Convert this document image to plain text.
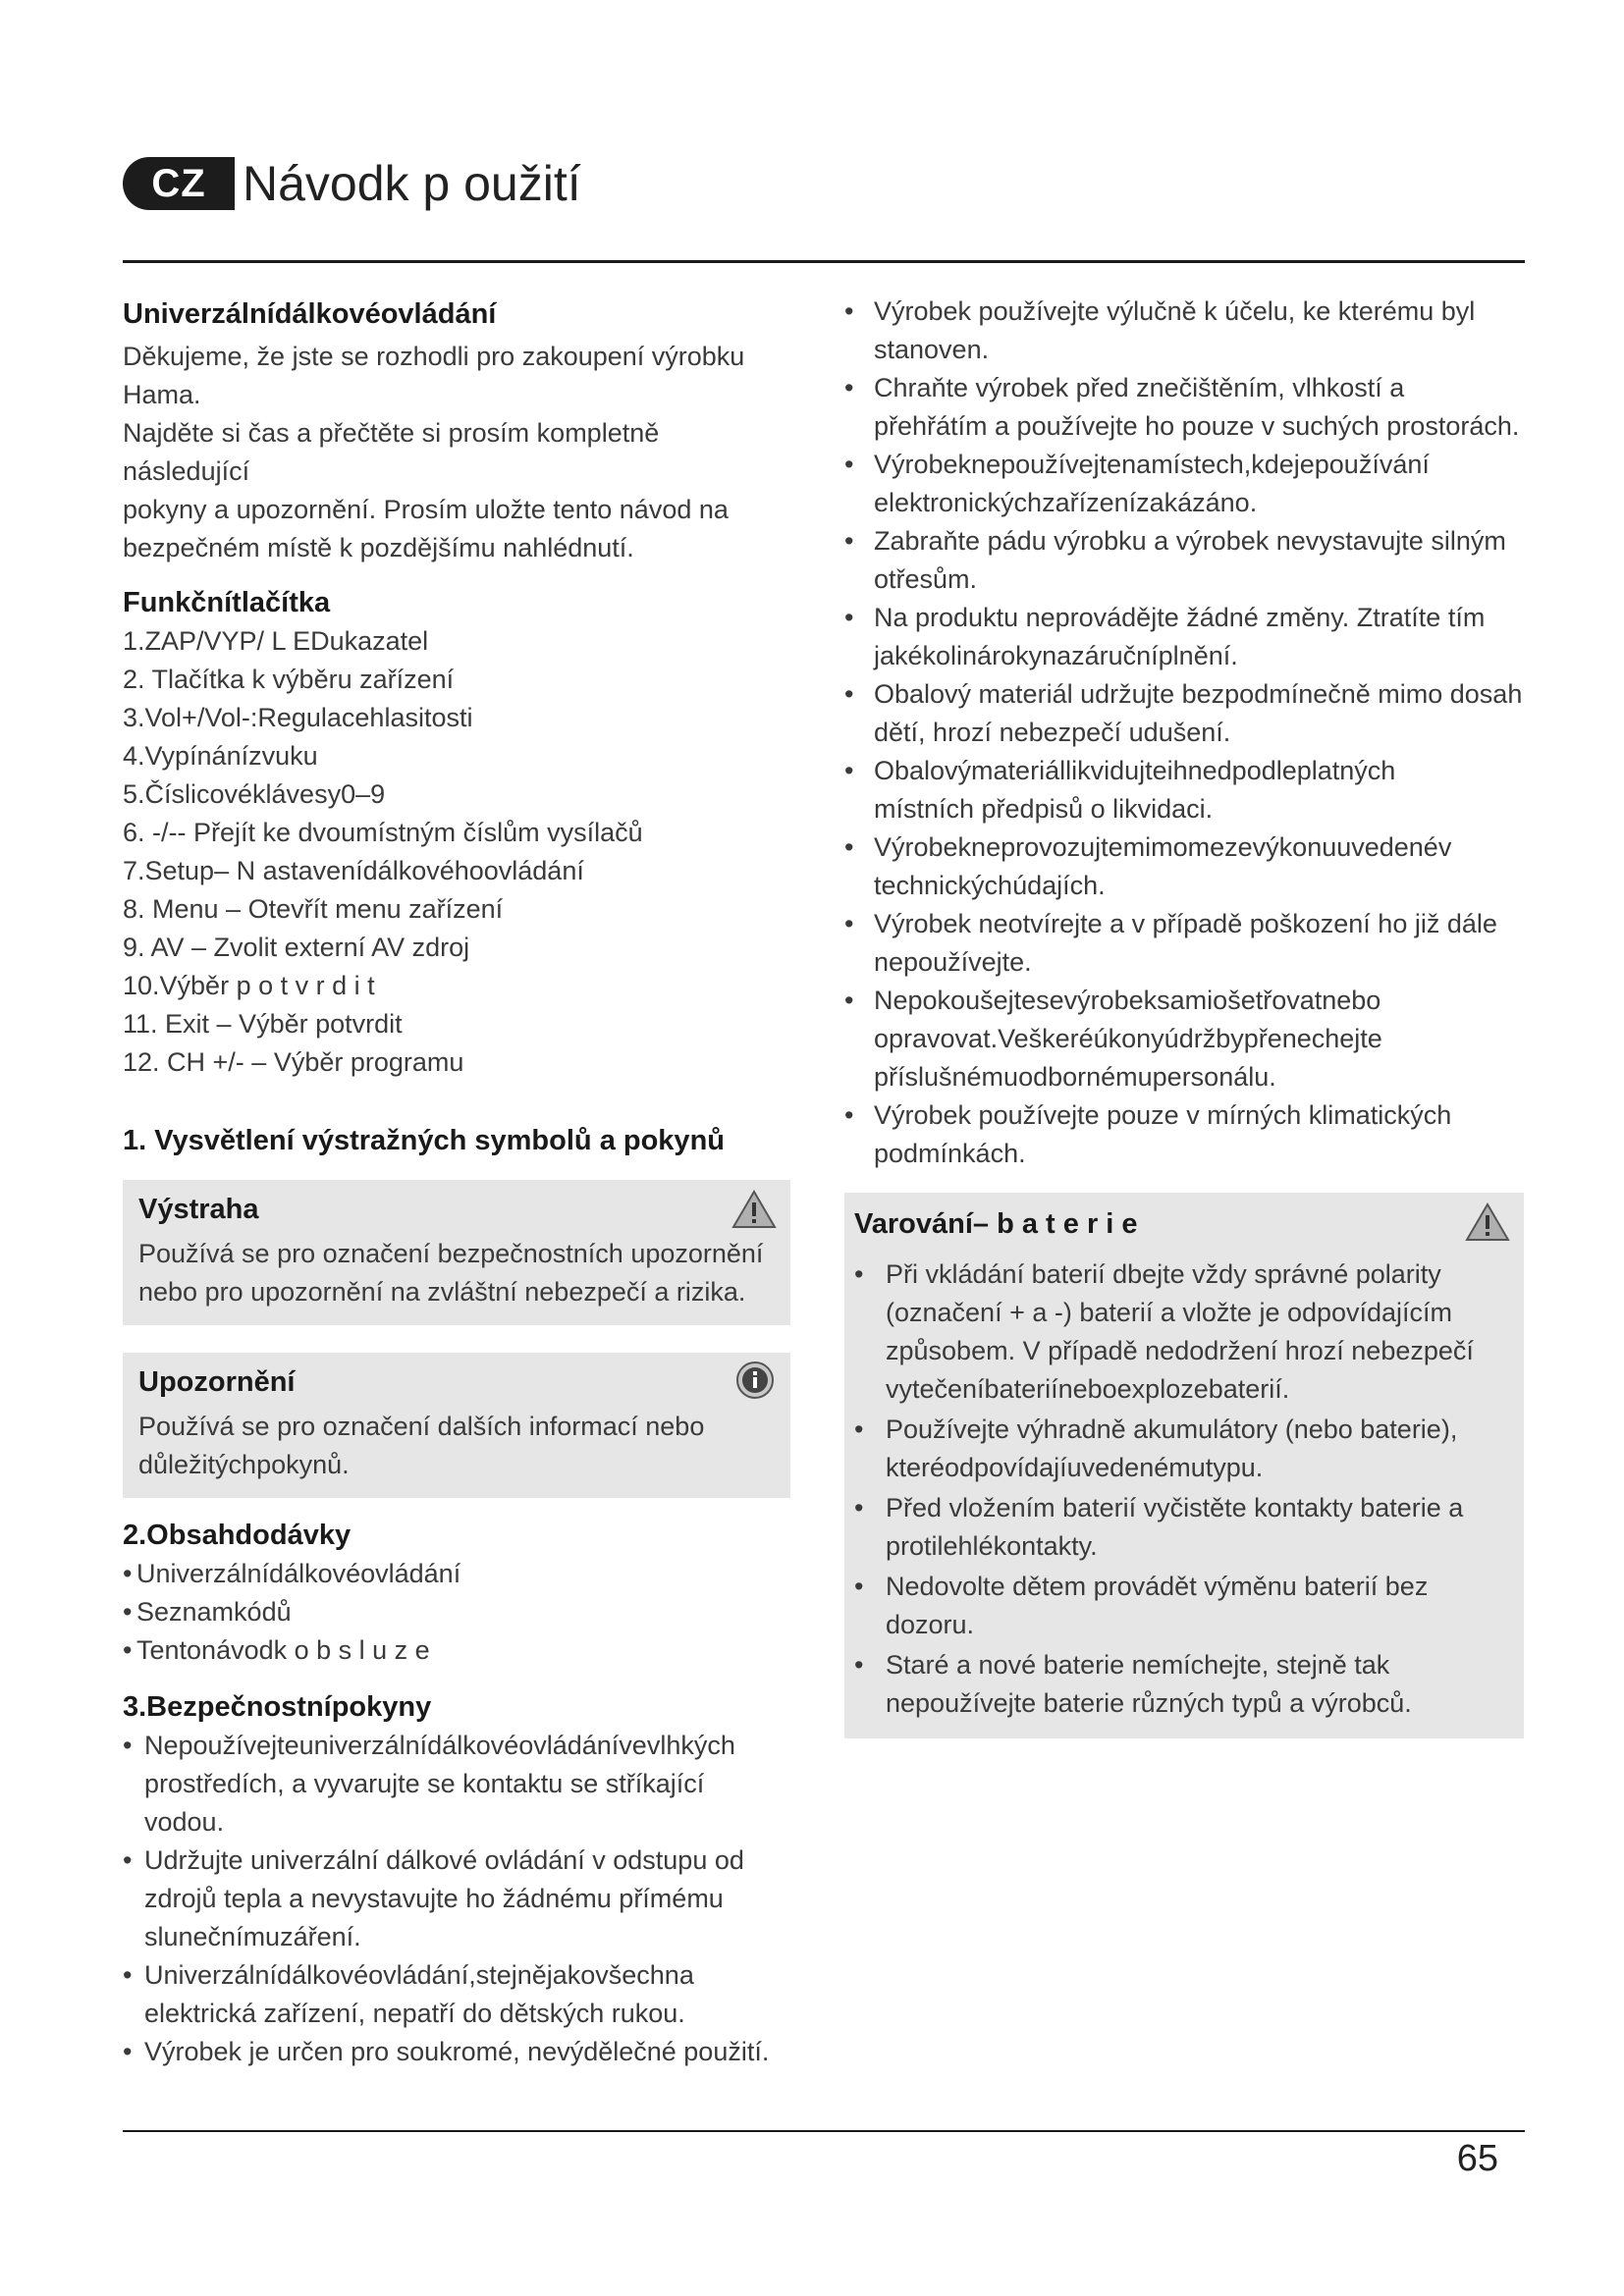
CZ Návodk p oužití
Univerzálnídálkovéovládání

Děkujeme, že jste se rozhodli pro zakoupení výrobku

Hama.

Najděte si čas a přečtěte si prosím kompletně následující

pokyny a upozornění. Prosím uložte tento návod na

bezpečném místě k pozdějšímu nahlédnutí.

Funkčnítlačítka
1.ZAP/VYP/ L EDukazatel
2. Tlačítka k výběru zařízení
3.Vol+/Vol-:Regulacehlasitosti
4.Vypínánízvuku
5.Číslicovéklávesy0–9
6. -/-- Přejít ke dvoumístným číslům vysílačů
7.Setup– N astavenídálkovéhoovládání
8. Menu – Otevřít menu zařízení
9. AV – Zvolit externí AV zdroj
10.Výběr p o t v r d i t
11. Exit – Výběr potvrdit
12. CH +/- – Výběr programu
1. Vysvětlení výstražných symbolů a pokynů
Výstraha

Používá se pro označení bezpečnostních upozornění
nebo pro upozornění na zvláštní nebezpečí a rizika.

Upozornění

Používá se pro označení dalších informací nebo
důležitýchpokynů.

2.Obsahdodávky
• Univerzálnídálkovéovládání
• Seznamkódů
• Tentonávodk o b s l u z e
3.Bezpečnostnípokyny
• Nepoužívejteuniverzálnídálkovéovládánívevlhkých
prostředích, a vyvarujte se kontaktu se stříkající vodou.
• Udržujte univerzální dálkové ovládání v odstupu od
zdrojů tepla a nevystavujte ho žádnému přímému
slunečnímuzáření.
• Univerzálnídálkovéovládání,stejnějakovšechna
elektrická zařízení, nepatří do dětských rukou.
• Výrobek je určen pro soukromé, nevýdělečné použití.
• Výrobek používejte výlučně k účelu, ke kterému byl
stanoven.
• Chraňte výrobek před znečištěním, vlhkostí a
přehřátím a používejte ho pouze v suchých prostorách.
• Výrobeknepoužívejtenamístech,kdejepoužívání
elektronickýchzařízenízakázáno.
• Zabraňte pádu výrobku a výrobek nevystavujte silným
otřesům.
• Na produktu neprovádějte žádné změny. Ztratíte tím
jakékolinárokynazáručníplnění.
• Obalový materiál udržujte bezpodmínečně mimo dosah
dětí, hrozí nebezpečí udušení.
• Obalovýmateriállikvidujteihnedpodleplatných
místních předpisů o likvidaci.
• Výrobekneprovozujtemimomezevýkonuuvedenév
technickýchúdajích.
• Výrobek neotvírejte a v případě poškození ho již dále
nepoužívejte.
• Nepokoušejtesevýrobeksamiošetřovatnebo
opravovat.Veškeréúkonyúdržbypřenechejte
příslušnémuodbornémupersonálu.
• Výrobek používejte pouze v mírných klimatických
podmínkách.
Varování– b a t e r i e
• Při vkládání baterií dbejte vždy správné polarity
(označení + a -) baterií a vložte je odpovídajícím
způsobem. V případě nedodržení hrozí nebezpečí
vytečeníbateriíneboexplozebaterií.
• Používejte výhradně akumulátory (nebo baterie),
kteréodpovídajíuvedenémutypu.
• Před vložením baterií vyčistěte kontakty baterie a
protilehlékontakty.
• Nedovolte dětem provádět výměnu baterií bez
dozoru.
• Staré a nové baterie nemíchejte, stejně tak
nepoužívejte baterie různých typů a výrobců.
65
